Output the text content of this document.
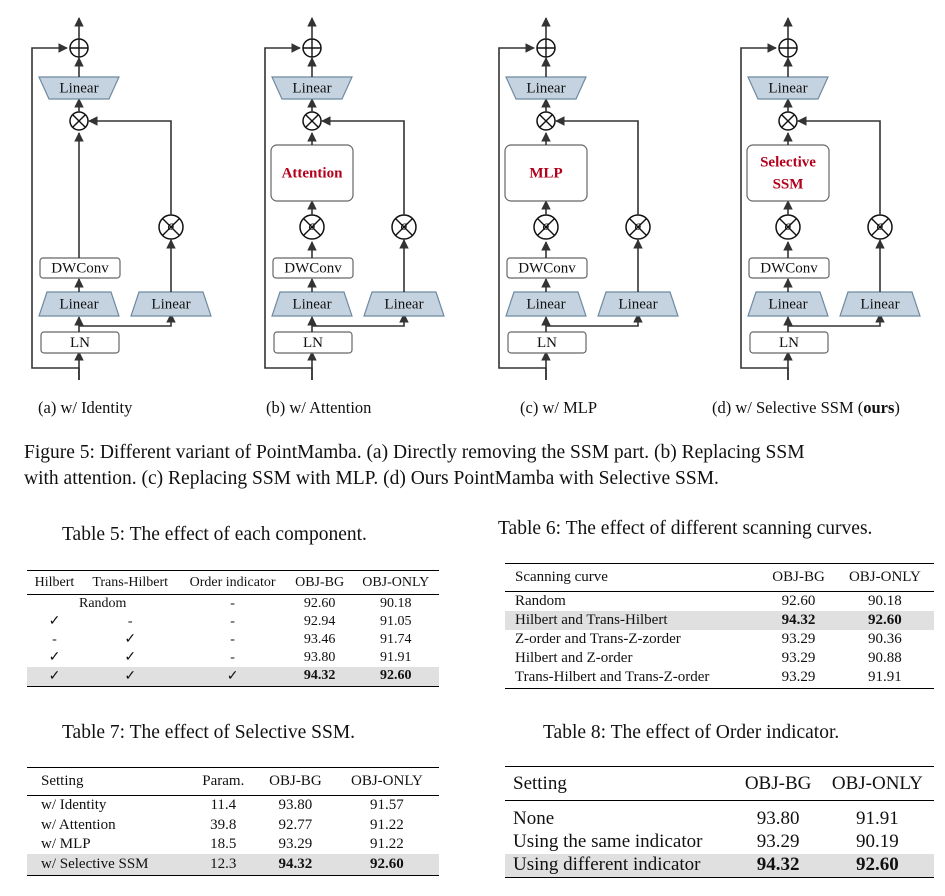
LN
Linear	Linear
DWConv
σ
Linear
LN
Linear	Linear
DWConv
σ
Attention
σ
Linear
LN
Linear	Linear
DWConv
σ
MLP
σ
Linear
LN
Linear	Linear
DWConv
σ
Selective
SSM
σ
Linear
(a) w/ Identity	(b) w/ Attention	(c) w/ MLP	(d) w/ Selective SSM (ours)
Figure 5: Different variant of PointMamba. (a) Directly removing the SSM part. (b) Replacing SSM
with attention. (c) Replacing SSM with MLP. (d) Ours PointMamba with Selective SSM.
Table 5: The effect of each component.
Hilbert	Trans-Hilbert	Order indicator	OBJ-BG	OBJ-ONLY
Random		-	92.60	90.18
✓	-	-	92.94	91.05
-	✓	-	93.46	91.74
✓	✓	-	93.80	91.91
✓	✓	✓	94.32	92.60
Table 6: The effect of different scanning curves.
Scanning curve	OBJ-BG	OBJ-ONLY
Random	92.60	90.18
Hilbert and Trans-Hilbert	94.32	92.60
Z-order and Trans-Z-zorder	93.29	90.36
Hilbert and Z-order	93.29	90.88
Trans-Hilbert and Trans-Z-order	93.29	91.91
Table 7: The effect of Selective SSM.
Setting	Param.	OBJ-BG	OBJ-ONLY
w/ Identity	11.4	93.80	91.57
w/ Attention	39.8	92.77	91.22
w/ MLP	18.5	93.29	91.22
w/ Selective SSM	12.3	94.32	92.60
Table 8: The effect of Order indicator.
Setting	OBJ-BG	OBJ-ONLY
None	93.80	91.91
Using the same indicator	93.29	90.19
Using different indicator	94.32	92.60
